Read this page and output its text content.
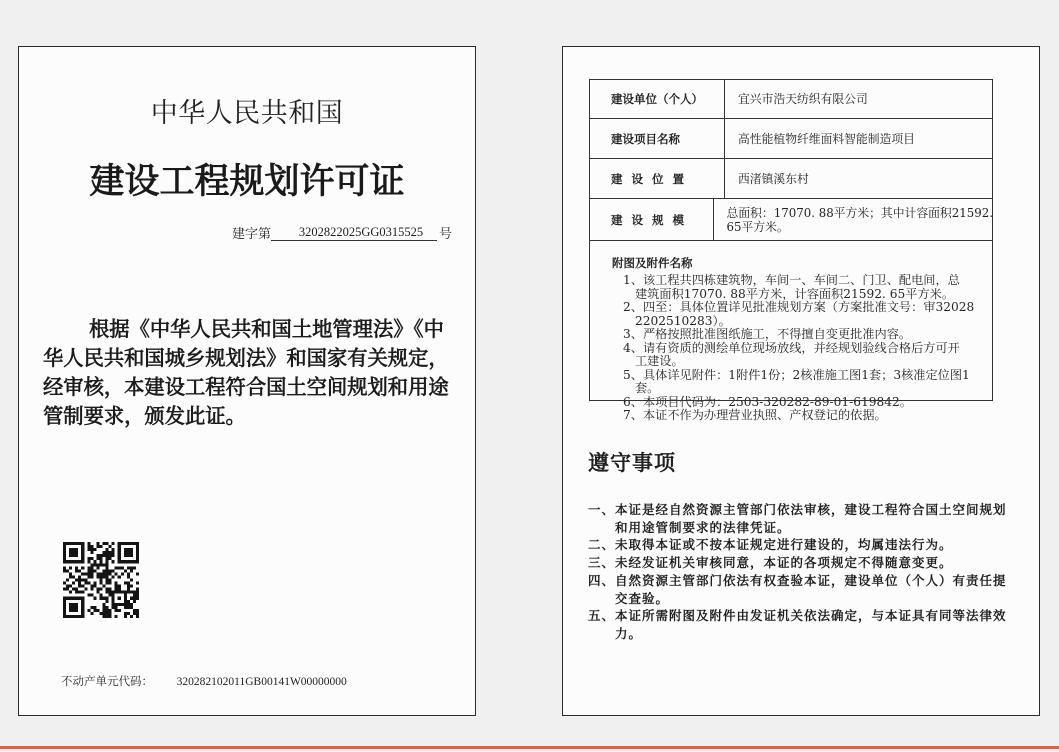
中华人民共和国
建设工程规划许可证
建字第	3202822025GG0315525	号
根据《中华人民共和国土地管理法》《中
华人民共和国城乡规划法》和国家有关规定，
经审核，本建设工程符合国土空间规划和用途
管制要求，颁发此证。
不动产单元代码： 320282102011GB00141W00000000
建设单位（个人）	宜兴市浩天纺织有限公司
建设项目名称	高性能植物纤维面料智能制造项目
建 设 位 置	西渚镇溪东村
建 设 规 模	总面积：17070. 88平方米；其中计容面积21592.
65平方米。
附图及附件名称
1、该工程共四栋建筑物，车间一、车间二、门卫、配电间，总
建筑面积17070. 88平方米，计容面积21592. 65平方米。
2、四至：具体位置详见批准规划方案（方案批准文号：审32028
2202510283）。
3、严格按照批准图纸施工，不得擅自变更批准内容。
4、请有资质的测绘单位现场放线，并经规划验线合格后方可开
工建设。
5、具体详见附件：1附件1份；2核准施工图1套；3核准定位图1
套。
6、本项目代码为：2503-320282-89-01-619842。
7、本证不作为办理营业执照、产权登记的依据。
遵守事项
一、本证是经自然资源主管部门依法审核，建设工程符合国土空间规划
和用途管制要求的法律凭证。
二、未取得本证或不按本证规定进行建设的，均属违法行为。
三、未经发证机关审核同意，本证的各项规定不得随意变更。
四、自然资源主管部门依法有权查验本证，建设单位（个人）有责任提
交查验。
五、本证所需附图及附件由发证机关依法确定，与本证具有同等法律效
力。
